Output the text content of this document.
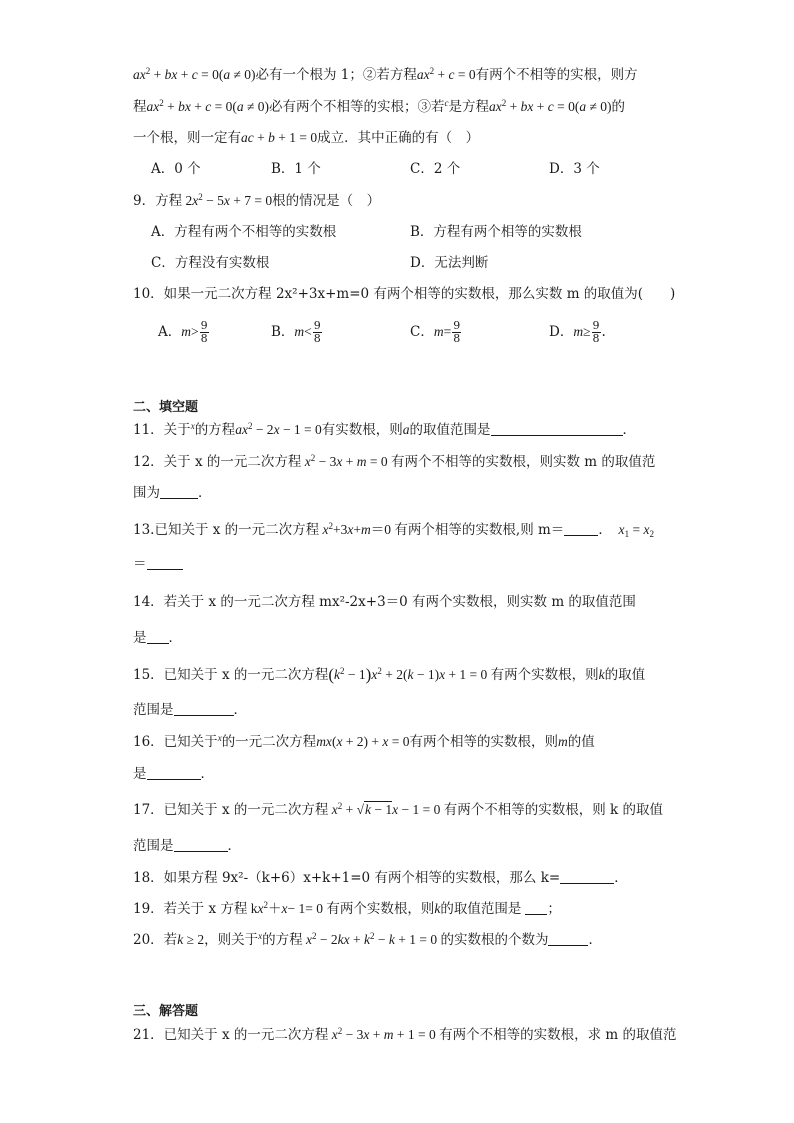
$ax^2$ + bx + c = 0(a ≠ 0)必有一个根为 1；②若方程$ax^2 + c = 0$有两个不相等的实根，则方
程$ax^2$ + bx + c = 0(a ≠ 0)必有两个不相等的实根；③若$^c$是方程$ax^2$ + bx + c = 0(a ≠ 0)的
一个根，则一定有ac + b + 1 = 0成立．其中正确的有（　）
A．0 个	B．1 个	C．2 个	D．3 个
9．方程 $2x^2 - 5x + 7 = 0$根的情况是（　）
A．方程有两个不相等的实数根	B．方程有两个相等的实数根
C．方程没有实数根	D．无法判断
10．如果一元二次方程 2x²+3x+m=0 有两个相等的实数根，那么实数 m 的取值为(　　)
A．$m> \frac{9}{8}$	B．$m< \frac{9}{8}$	C．$m= \frac{9}{8}$	D．$m\ge \frac{9}{8}$ .
二、填空题
11．关于$^x$的方程$ax^2 - 2x - 1 = 0$有实数根，则a的取值范围是	．
12．关于 x 的一元二次方程 $x^2 - 3x + m = 0$ 有两个不相等的实数根，则实数 m 的取值范
围为	．
13.已知关于 x 的一元二次方程 $x^2+3x+m=0$ 有两个相等的实数根,则 m＝	．　$x_1 = x_2$
＝
14．若关于 x 的一元二次方程 mx²-2x+3＝0 有两个实数根，则实数 m 的取值范围
是 ．
15．已知关于 x 的一元二次方程$(k^2 - 1)x^2 + 2(k - 1)x + 1 = 0$ 有两个实数根，则k的取值
范围是	．
16．已知关于$^x$的一元二次方程mx(x + 2) + x = 0有两个相等的实数根，则m的值
是	．
17．已知关于 x 的一元二次方程 $x^2 + √k - 1x - 1 = 0$ 有两个不相等的实数根，则 k 的取值
范围是	．
18．如果方程 9x²-（k+6）x+k+1=0 有两个相等的实数根，那么 k=	．
19．若关于 x 方程 $kx^2+x- 1= 0$ 有两个实数根，则k的取值范围是 ；
20．若k ≥ 2，则关于$^x$的方程 $x^2 - 2kx + k^2 - k + 1 = 0$ 的实数根的个数为	．
三、解答题
21．已知关于 x 的一元二次方程 $x^2 - 3x + m + 1 = 0$ 有两个不相等的实数根，求 m 的取值范
